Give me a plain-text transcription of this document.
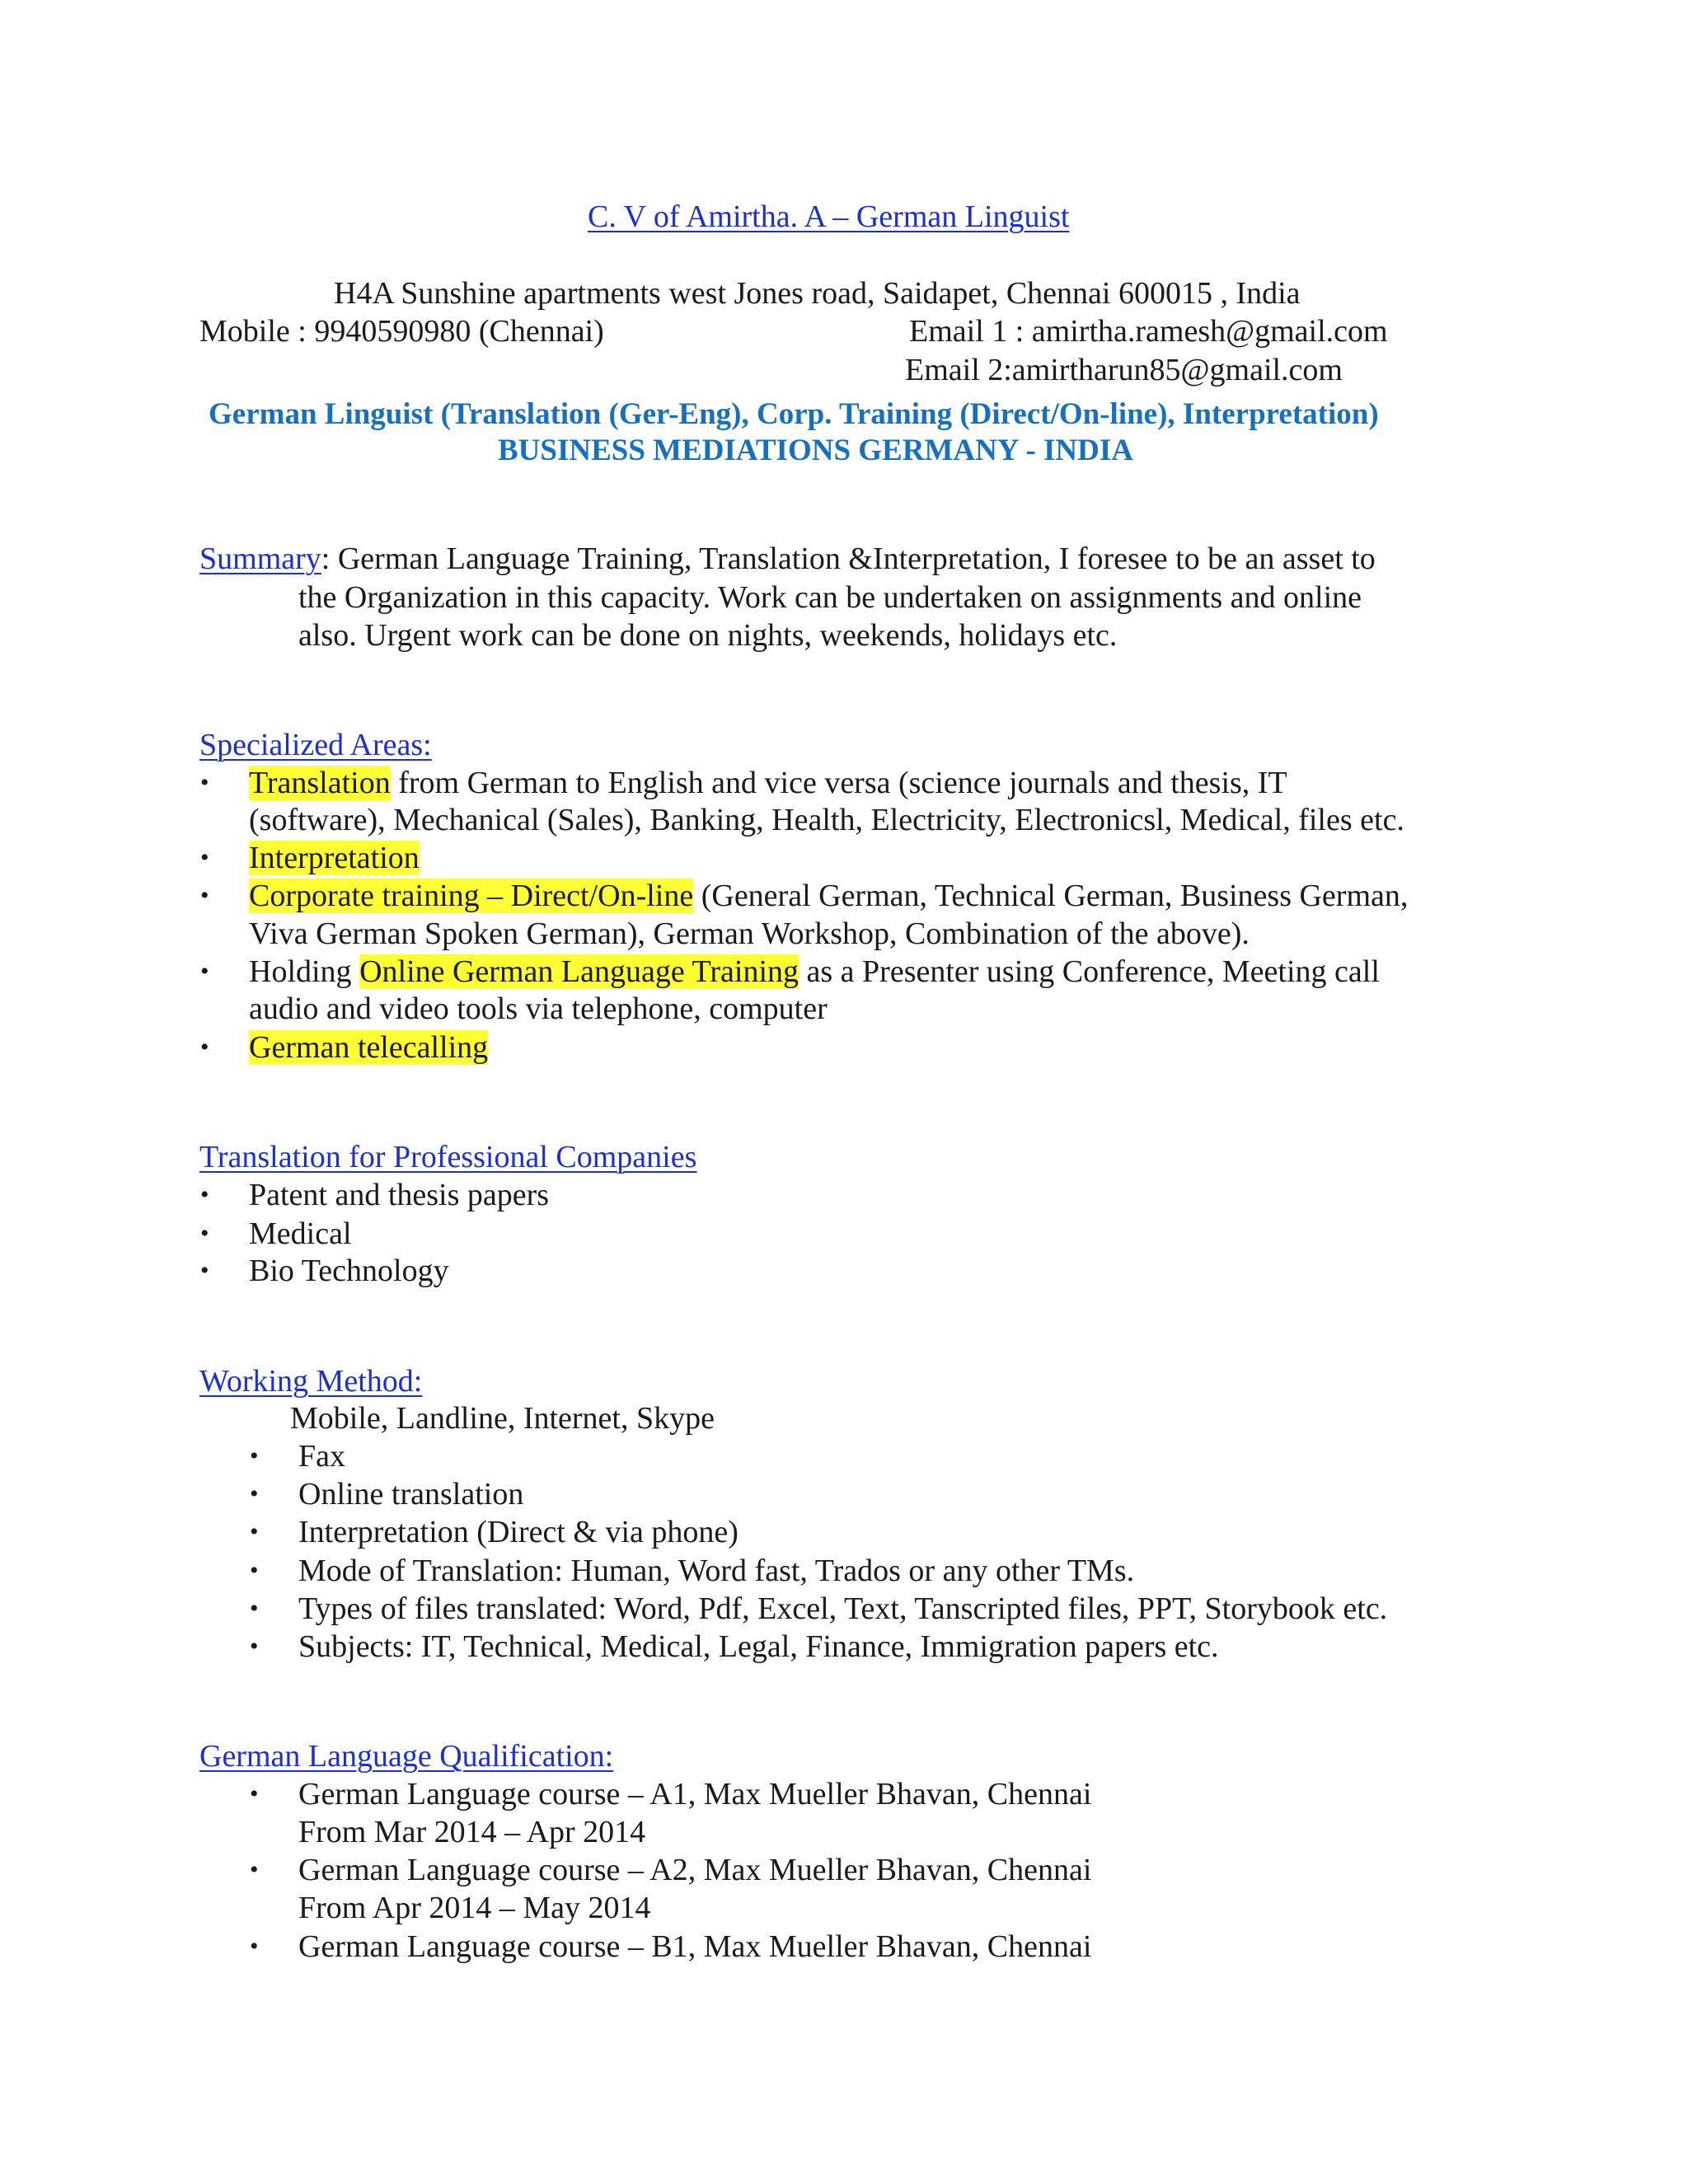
C. V of Amirtha. A – German Linguist
H4A Sunshine apartments west Jones road, Saidapet, Chennai 600015 , India
Mobile : 9940590980 (Chennai)	Email 1 : amirtha.ramesh@gmail.com
Email 2:amirtharun85@gmail.com
German Linguist (Translation (Ger-Eng), Corp. Training (Direct/On-line), Interpretation)
BUSINESS MEDIATIONS GERMANY - INDIA
Summary: German Language Training, Translation &Interpretation, I foresee to be an asset to
the Organization in this capacity. Work can be undertaken on assignments and online
also. Urgent work can be done on nights, weekends, holidays etc.
Specialized Areas:
• Translation from German to English and vice versa (science journals and thesis, IT
(software), Mechanical (Sales), Banking, Health, Electricity, Electronicsl, Medical, files etc.
• Interpretation
• Corporate training – Direct/On-line (General German, Technical German, Business German,
Viva German Spoken German), German Workshop, Combination of the above).
• Holding Online German Language Training as a Presenter using Conference, Meeting call
audio and video tools via telephone, computer
• German telecalling
Translation for Professional Companies
• Patent and thesis papers
• Medical
• Bio Technology
Working Method:
Mobile, Landline, Internet, Skype
• Fax
• Online translation
• Interpretation (Direct & via phone)
• Mode of Translation: Human, Word fast, Trados or any other TMs.
• Types of files translated: Word, Pdf, Excel, Text, Tanscripted files, PPT, Storybook etc.
• Subjects: IT, Technical, Medical, Legal, Finance, Immigration papers etc.
German Language Qualification:
• German Language course – A1, Max Mueller Bhavan, Chennai
From Mar 2014 – Apr 2014
• German Language course – A2, Max Mueller Bhavan, Chennai
From Apr 2014 – May 2014
• German Language course – B1, Max Mueller Bhavan, Chennai
